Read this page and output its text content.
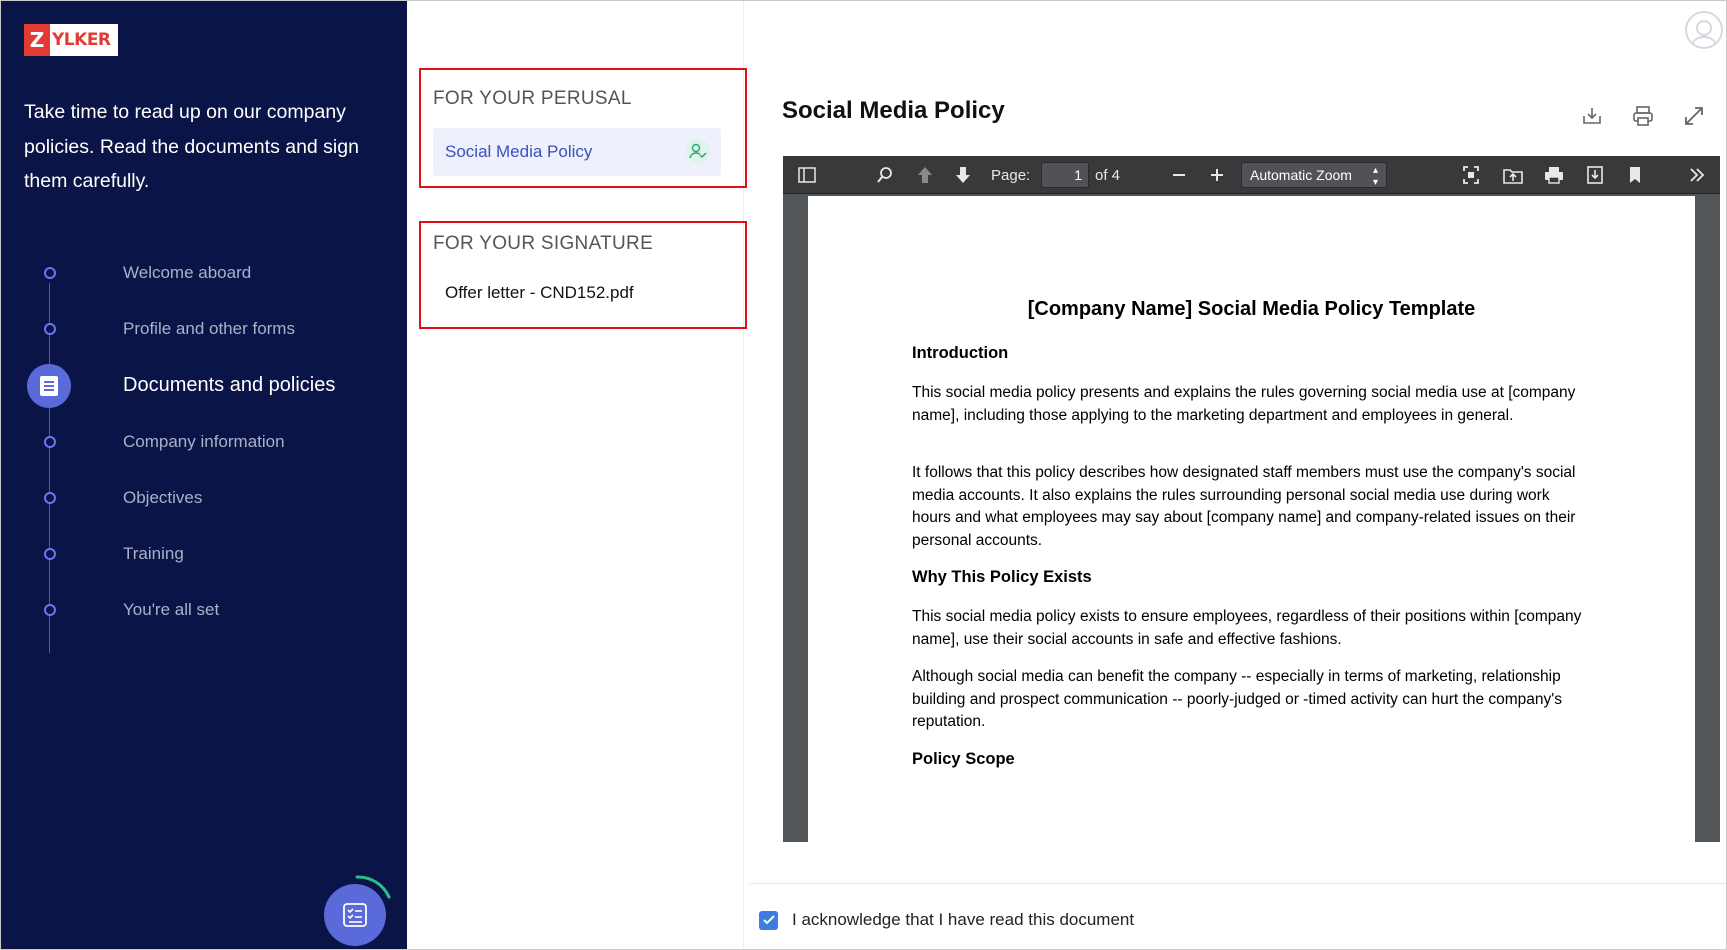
Z YLKER
Take time to read up on our company policies. Read the documents and sign them carefully.
Welcome aboard
Profile and other forms
Documents and policies
Company information
Objectives
Training
You're all set
FOR YOUR PERUSAL
Social Media Policy
FOR YOUR SIGNATURE
Offer letter - CND152.pdf
Social Media Policy
Page:	1 of 4	Automatic Zoom ▴
▾
[Company Name] Social Media Policy Template
Introduction
This social media policy presents and explains the rules governing social media use at [company name], including those applying to the marketing department and employees in general.
It follows that this policy describes how designated staff members must use the company's social media accounts. It also explains the rules surrounding personal social media use during work hours and what employees may say about [company name] and company-related issues on their personal accounts.
Why This Policy Exists
This social media policy exists to ensure employees, regardless of their positions within [company name], use their social accounts in safe and effective fashions.
Although social media can benefit the company -- especially in terms of marketing, relationship building and prospect communication -- poorly-judged or -timed activity can hurt the company's reputation.
Policy Scope
I acknowledge that I have read this document
